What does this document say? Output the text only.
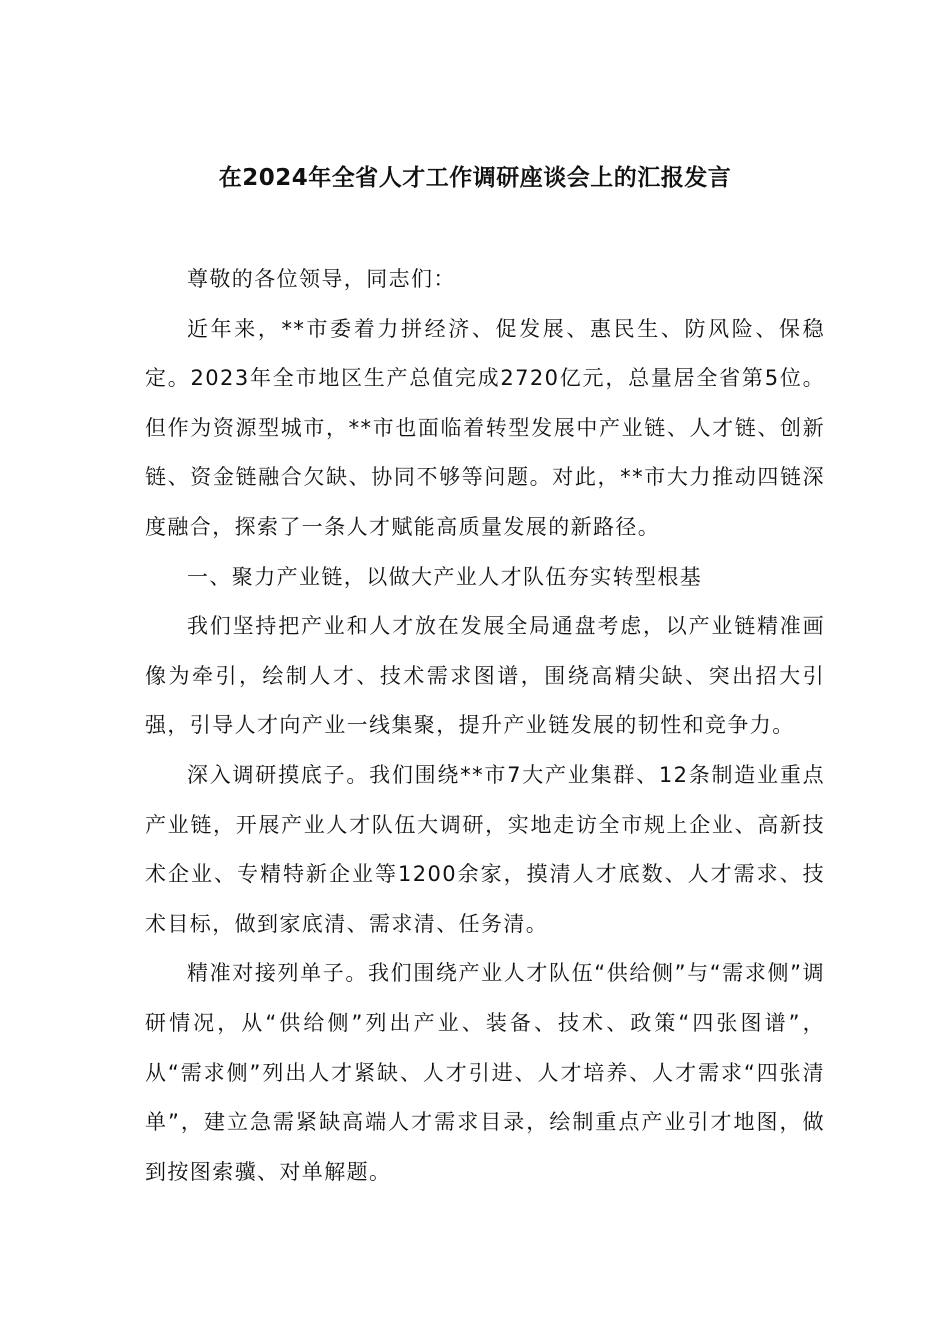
在2024年全省人才工作调研座谈会上的汇报发言

尊敬的各位领导，同志们：

近年来，**市委着力拼经济、促发展、惠民生、防风险、保稳定。2023年全市地区生产总值完成2720亿元，总量居全省第5位。但作为资源型城市，**市也面临着转型发展中产业链、人才链、创新链、资金链融合欠缺、协同不够等问题。对此，**市大力推动四链深度融合，探索了一条人才赋能高质量发展的新路径。

一、聚力产业链，以做大产业人才队伍夯实转型根基

我们坚持把产业和人才放在发展全局通盘考虑，以产业链精准画像为牵引，绘制人才、技术需求图谱，围绕高精尖缺、突出招大引强，引导人才向产业一线集聚，提升产业链发展的韧性和竞争力。

深入调研摸底子。我们围绕**市7大产业集群、12条制造业重点产业链，开展产业人才队伍大调研，实地走访全市规上企业、高新技术企业、专精特新企业等1200余家，摸清人才底数、人才需求、技术目标，做到家底清、需求清、任务清。

精准对接列单子。我们围绕产业人才队伍“供给侧”与“需求侧”调研情况，从“供给侧”列出产业、装备、技术、政策“四张图谱”，从“需求侧”列出人才紧缺、人才引进、人才培养、人才需求“四张清单”，建立急需紧缺高端人才需求目录，绘制重点产业引才地图，做到按图索骥、对单解题。
